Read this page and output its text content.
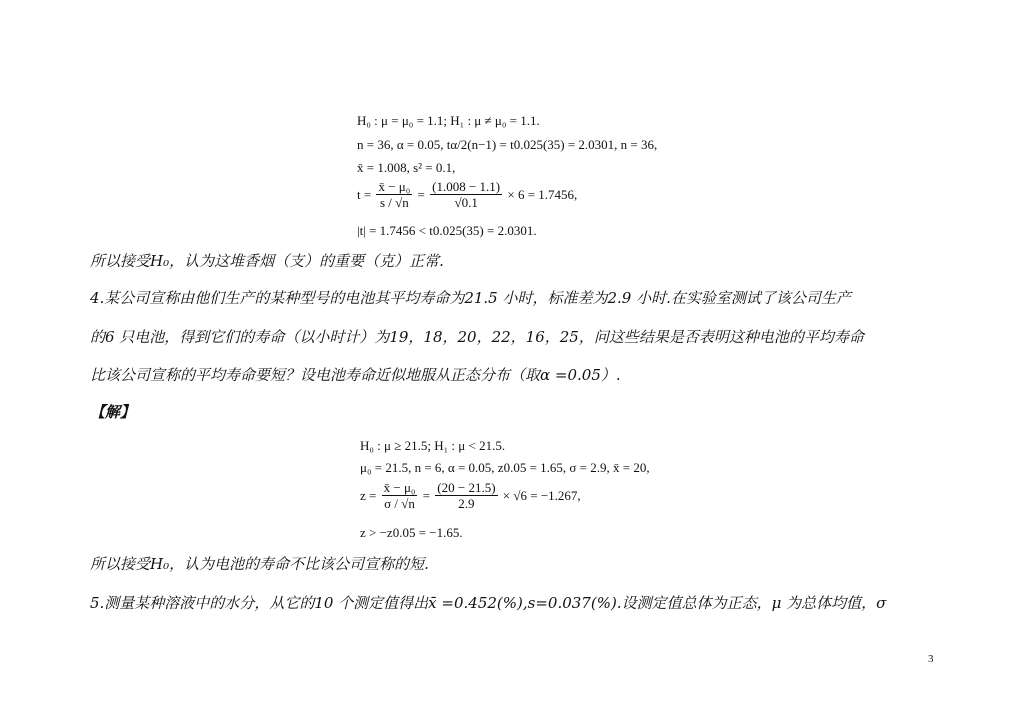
H₀ : μ = μ₀ = 1.1; H₁ : μ ≠ μ₀ = 1.1.
n = 36, α = 0.05, tα/2(n−1) = t0.025(35) = 2.0301, n = 36,
x̄ = 1.008, s² = 0.1,
$t = \frac{\text{x̄ − μ₀}}{s / √n} = \frac{(1.008 - 1.1)}{√0.1} \times 6 = 1.7456$,
|t| = 1.7456 < t0.025(35) = 2.0301.
所以接受H₀，认为这堆香烟（支）的重要（克）正常.
4.某公司宣称由他们生产的某种型号的电池其平均寿命为21.5 小时，标准差为2.9 小时.在实验室测试了该公司生产
的6 只电池，得到它们的寿命（以小时计）为19，18，20，22，16，25，问这些结果是否表明这种电池的平均寿命
比该公司宣称的平均寿命要短？设电池寿命近似地服从正态分布（取α =0.05）.
【解】
H₀ : μ ≥ 21.5; H₁ : μ < 21.5.
μ₀ = 21.5, n = 6, α = 0.05, z0.05 = 1.65, σ = 2.9, x̄ = 20,
$z = \frac{\text{x̄ − μ₀}}{\sigma / √n} = \frac{(20 - 21.5)}{2.9} \times √6 = -1.267$,
z > −z0.05 = −1.65.
所以接受H₀，认为电池的寿命不比该公司宣称的短.
5.测量某种溶液中的水分，从它的10 个测定值得出x̄ =0.452(%),s=0.037(%).设测定值总体为正态，μ 为总体均值，σ
3
